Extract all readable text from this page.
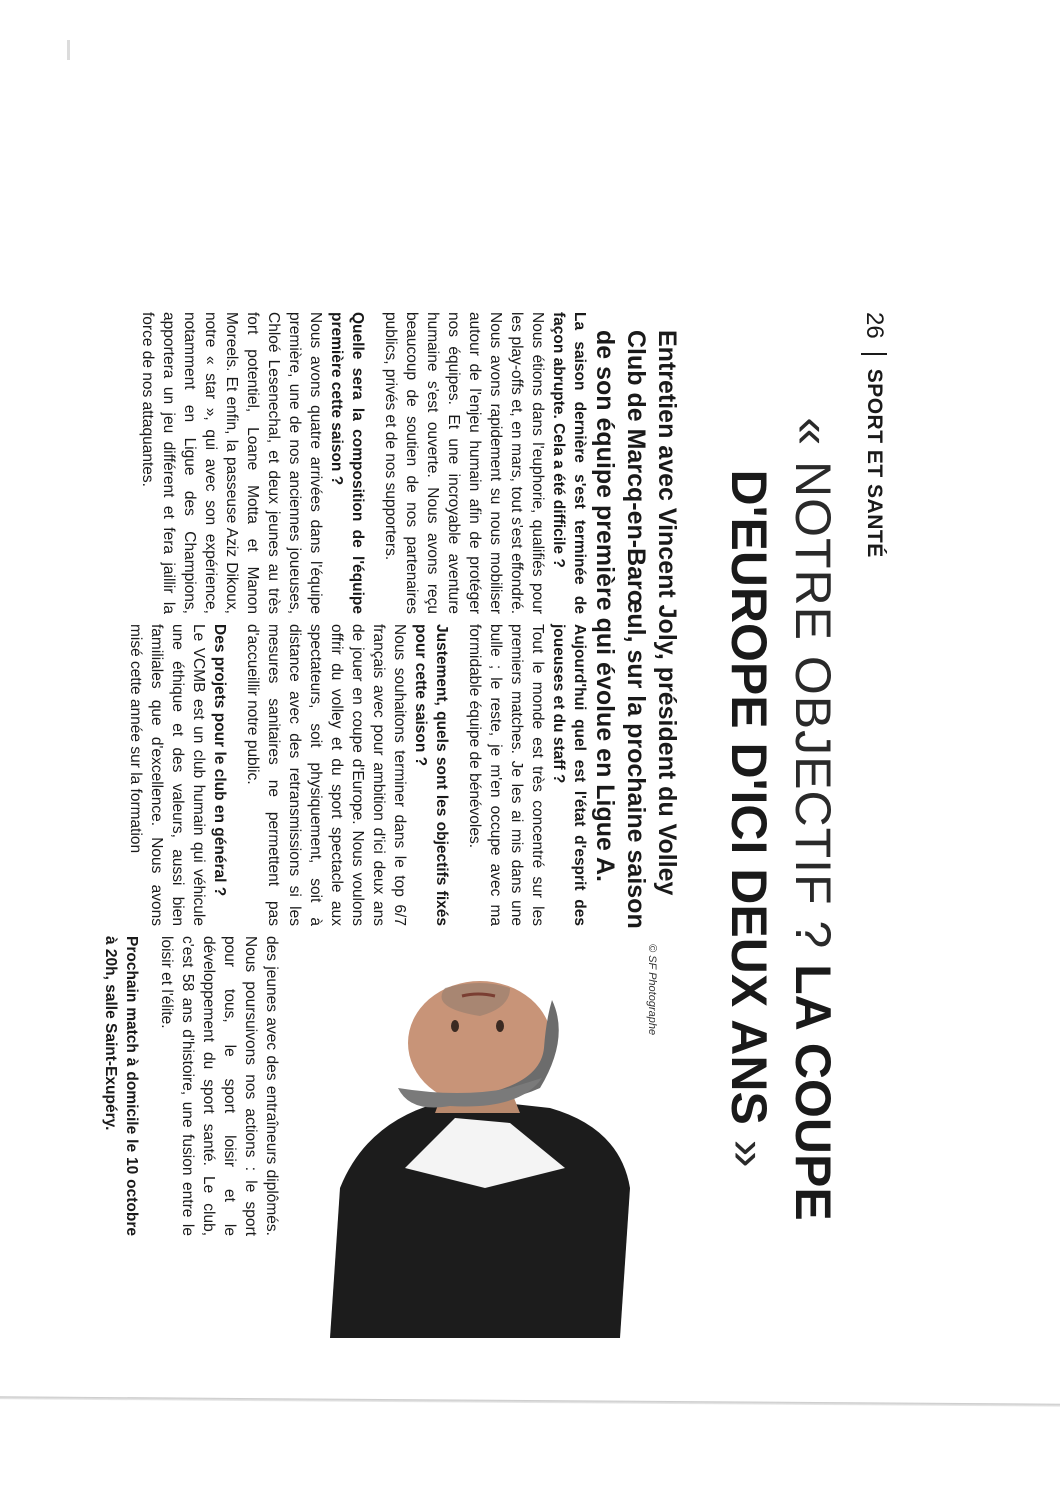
26
SPORT ET SANTÉ
« NOTRE OBJECTIF ? LA COUPE D'EUROPE D'ICI DEUX ANS »

Entretien avec Vincent Joly, président du Volley Club de Marcq-en-Barœul, sur la prochaine saison de son équipe première qui évolue en Ligue A.

© SF Photographe

La saison dernière s'est terminée de façon abrupte. Cela a été difficile ?

Nous étions dans l'euphorie, qualifiés pour les play-offs et, en mars, tout s'est effondré. Nous avons rapidement su nous mobiliser autour de l'enjeu humain afin de protéger nos équipes. Et une incroyable aventure humaine s'est ouverte. Nous avons reçu beaucoup de soutien de nos partenaires publics, privés et de nos supporters.

Quelle sera la composition de l'équipe première cette saison ?

Nous avons quatre arrivées dans l'équipe première, une de nos anciennes joueuses, Chloé Lesenechal, et deux jeunes au très fort potentiel, Loane Motta et Manon Moreels. Et enfin, la passeuse Aziz Dikoux, notre « star », qui avec son expérience, notamment en Ligue des Champions, apportera un jeu différent et fera jaillir la force de nos attaquantes.

Aujourd'hui quel est l'état d'esprit des joueuses et du staff ?

Tout le monde est très concentré sur les premiers matches. Je les ai mis dans une bulle ; le reste, je m'en occupe avec ma formidable équipe de bénévoles.

Justement, quels sont les objectifs fixés pour cette saison ?

Nous souhaitons terminer dans le top 6/7 français avec pour ambition d'ici deux ans de jouer en coupe d'Europe. Nous voulons offrir du volley et du sport spectacle aux spectateurs, soit physiquement, soit à distance avec des retransmissions si les mesures sanitaires ne permettent pas d'accueillir notre public.

Des projets pour le club en général ?

Le VCMB est un club humain qui véhicule une éthique et des valeurs, aussi bien familiales que d'excellence. Nous avons misé cette année sur la formation

des jeunes avec des entraîneurs diplômés. Nous poursuivons nos actions : le sport pour tous, le sport loisir et le développement du sport santé. Le club, c'est 58 ans d'histoire, une fusion entre le loisir et l'élite.

Prochain match à domicile le 10 octobre à 20h, salle Saint-Exupéry.
